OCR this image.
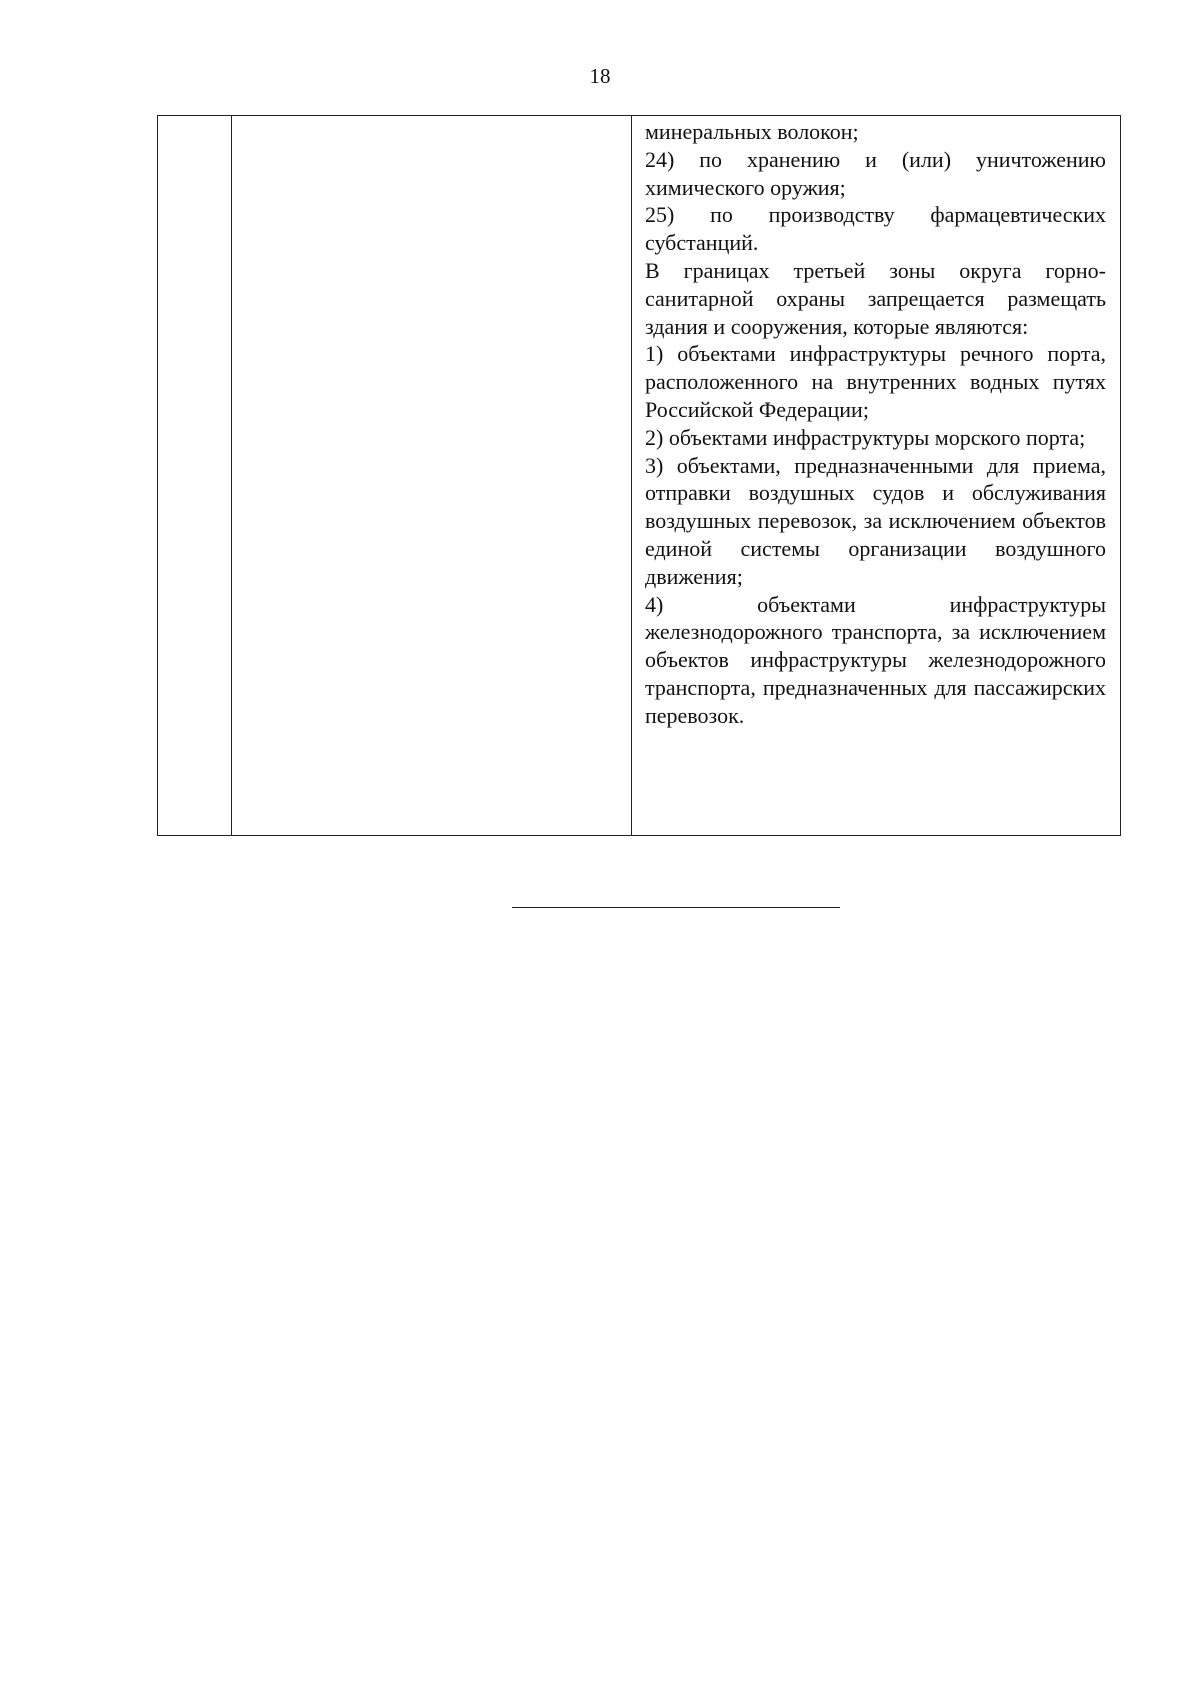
18

минеральных волокон;

24) по хранению и (или) уничтожению химического оружия;

25) по производству фармацевтических субстанций.

В границах третьей зоны округа горно-санитарной охраны запрещается размещать здания и сооружения, которые являются:

1) объектами инфраструктуры речного порта, расположенного на внутренних водных путях Российской Федерации;

2) объектами инфраструктуры морского порта;

3) объектами, предназначенными для приема, отправки воздушных судов и обслуживания воздушных перевозок, за исключением объектов единой системы организации воздушного движения;

4) объектами инфраструктуры железнодорожного транспорта, за исключением объектов инфраструктуры железнодорожного транспорта, предназначенных для пассажирских перевозок.
